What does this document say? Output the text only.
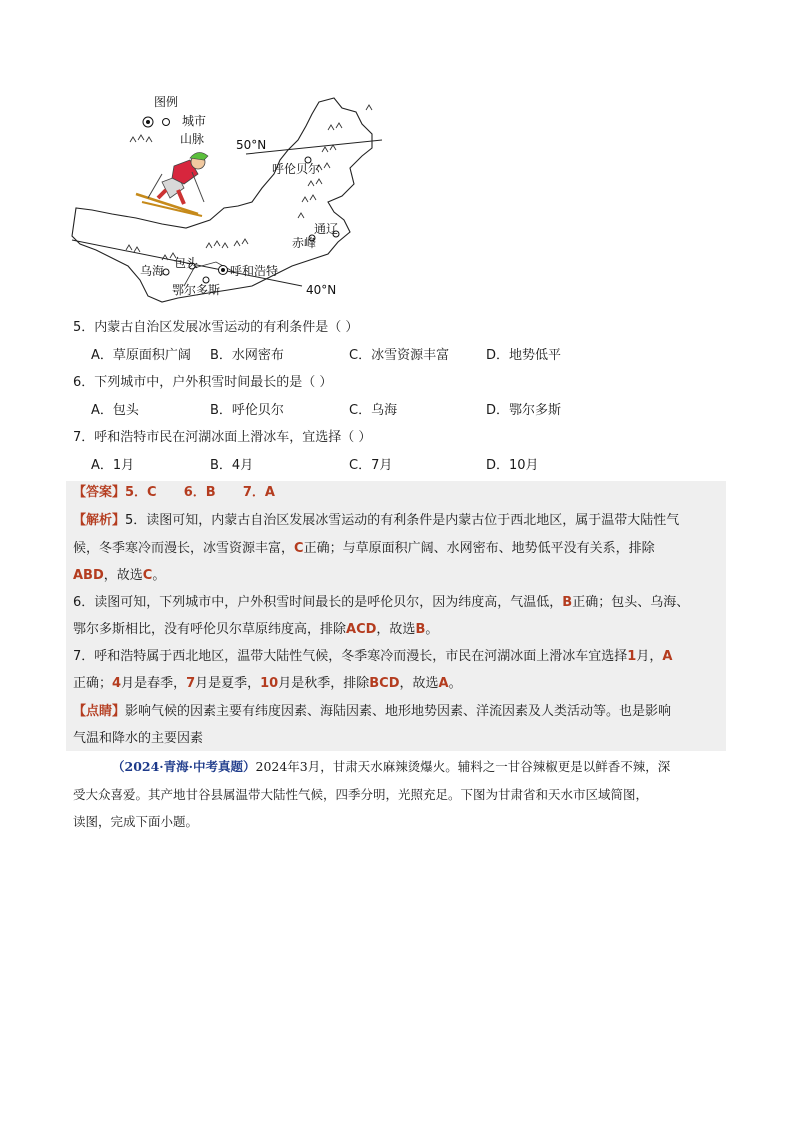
图例
城市
山脉	50°N
40°N
呼伦贝尔
通辽
赤峰
包头
乌海	呼和浩特
鄂尔多斯
5．内蒙古自治区发展冰雪运动的有利条件是（ ）
A．草原面积广阔 B．水网密布	C．冰雪资源丰富	D．地势低平
6．下列城市中，户外积雪时间最长的是（ ）
A．包头	B．呼伦贝尔	C．乌海	D．鄂尔多斯
7．呼和浩特市民在河湖冰面上滑冰车，宜选择（ ）
A．1月	B．4月	C．7月	D．10月
【答案】5．C      6．B      7．A
【解析】5．读图可知，内蒙古自治区发展冰雪运动的有利条件是内蒙古位于西北地区，属于温带大陆性气
候，冬季寒冷而漫长，冰雪资源丰富，C正确；与草原面积广阔、水网密布、地势低平没有关系，排除
ABD，故选C。
6．读图可知，下列城市中，户外积雪时间最长的是呼伦贝尔，因为纬度高，气温低，B正确；包头、乌海、
鄂尔多斯相比，没有呼伦贝尔草原纬度高，排除ACD，故选B。
7．呼和浩特属于西北地区，温带大陆性气候，冬季寒冷而漫长，市民在河湖冰面上滑冰车宜选择1月，A
正确；4月是春季，7月是夏季，10月是秋季，排除BCD，故选A。
【点睛】影响气候的因素主要有纬度因素、海陆因素、地形地势因素、洋流因素及人类活动等。也是影响
气温和降水的主要因素
（2024·青海·中考真题）2024年3月，甘肃天水麻辣烫爆火。辅料之一甘谷辣椒更是以鲜香不辣，深
受大众喜爱。其产地甘谷县属温带大陆性气候，四季分明，光照充足。下图为甘肃省和天水市区域简图，
读图，完成下面小题。
